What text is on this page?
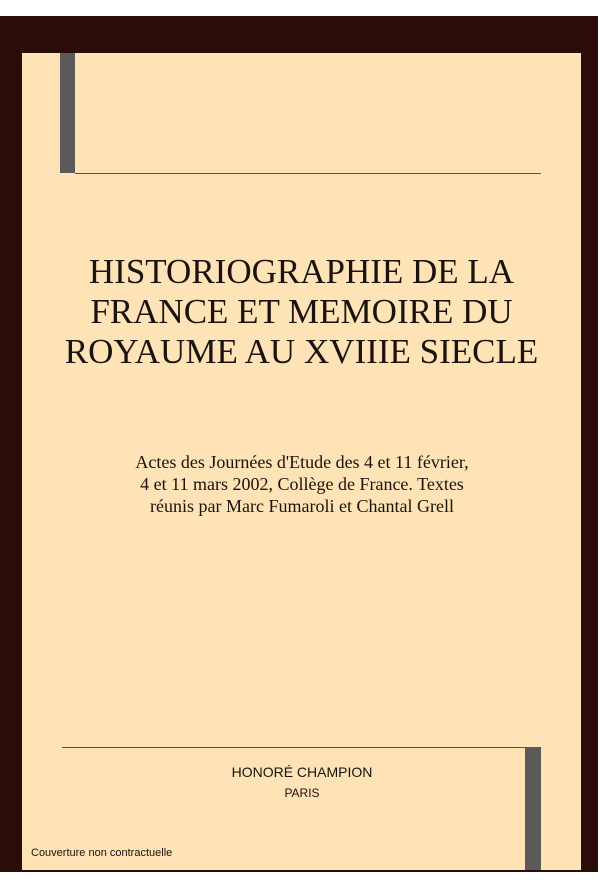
HISTORIOGRAPHIE DE LA FRANCE ET MEMOIRE DU ROYAUME AU XVIIIE SIECLE

Actes des Journées d'Etude des 4 et 11 février, 4 et 11 mars 2002, Collège de France. Textes réunis par Marc Fumaroli et Chantal Grell

HONORÉ CHAMPION
PARIS
Couverture non contractuelle
